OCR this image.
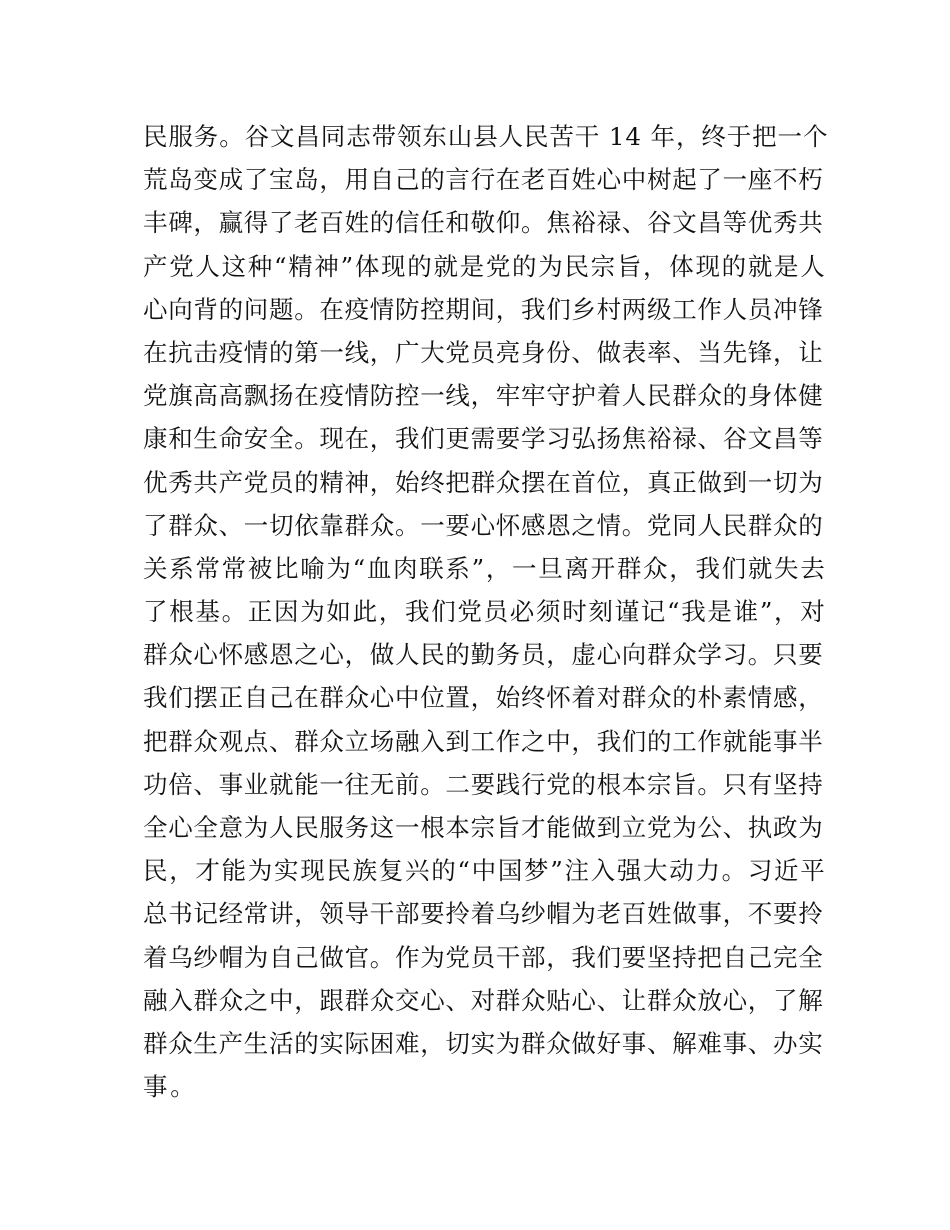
民服务。谷文昌同志带领东山县人民苦干 14 年，终于把一个
荒岛变成了宝岛，用自己的言行在老百姓心中树起了一座不朽
丰碑，赢得了老百姓的信任和敬仰。焦裕禄、谷文昌等优秀共
产党人这种“精神”体现的就是党的为民宗旨，体现的就是人
心向背的问题。在疫情防控期间，我们乡村两级工作人员冲锋
在抗击疫情的第一线，广大党员亮身份、做表率、当先锋，让
党旗高高飘扬在疫情防控一线，牢牢守护着人民群众的身体健
康和生命安全。现在，我们更需要学习弘扬焦裕禄、谷文昌等
优秀共产党员的精神，始终把群众摆在首位，真正做到一切为
了群众、一切依靠群众。一要心怀感恩之情。党同人民群众的
关系常常被比喻为“血肉联系”，一旦离开群众，我们就失去
了根基。正因为如此，我们党员必须时刻谨记“我是谁”，对
群众心怀感恩之心，做人民的勤务员，虚心向群众学习。只要
我们摆正自己在群众心中位置，始终怀着对群众的朴素情感，
把群众观点、群众立场融入到工作之中，我们的工作就能事半
功倍、事业就能一往无前。二要践行党的根本宗旨。只有坚持
全心全意为人民服务这一根本宗旨才能做到立党为公、执政为
民，才能为实现民族复兴的“中国梦”注入强大动力。习近平
总书记经常讲，领导干部要拎着乌纱帽为老百姓做事，不要拎
着乌纱帽为自己做官。作为党员干部，我们要坚持把自己完全
融入群众之中，跟群众交心、对群众贴心、让群众放心，了解
群众生产生活的实际困难，切实为群众做好事、解难事、办实
事。
